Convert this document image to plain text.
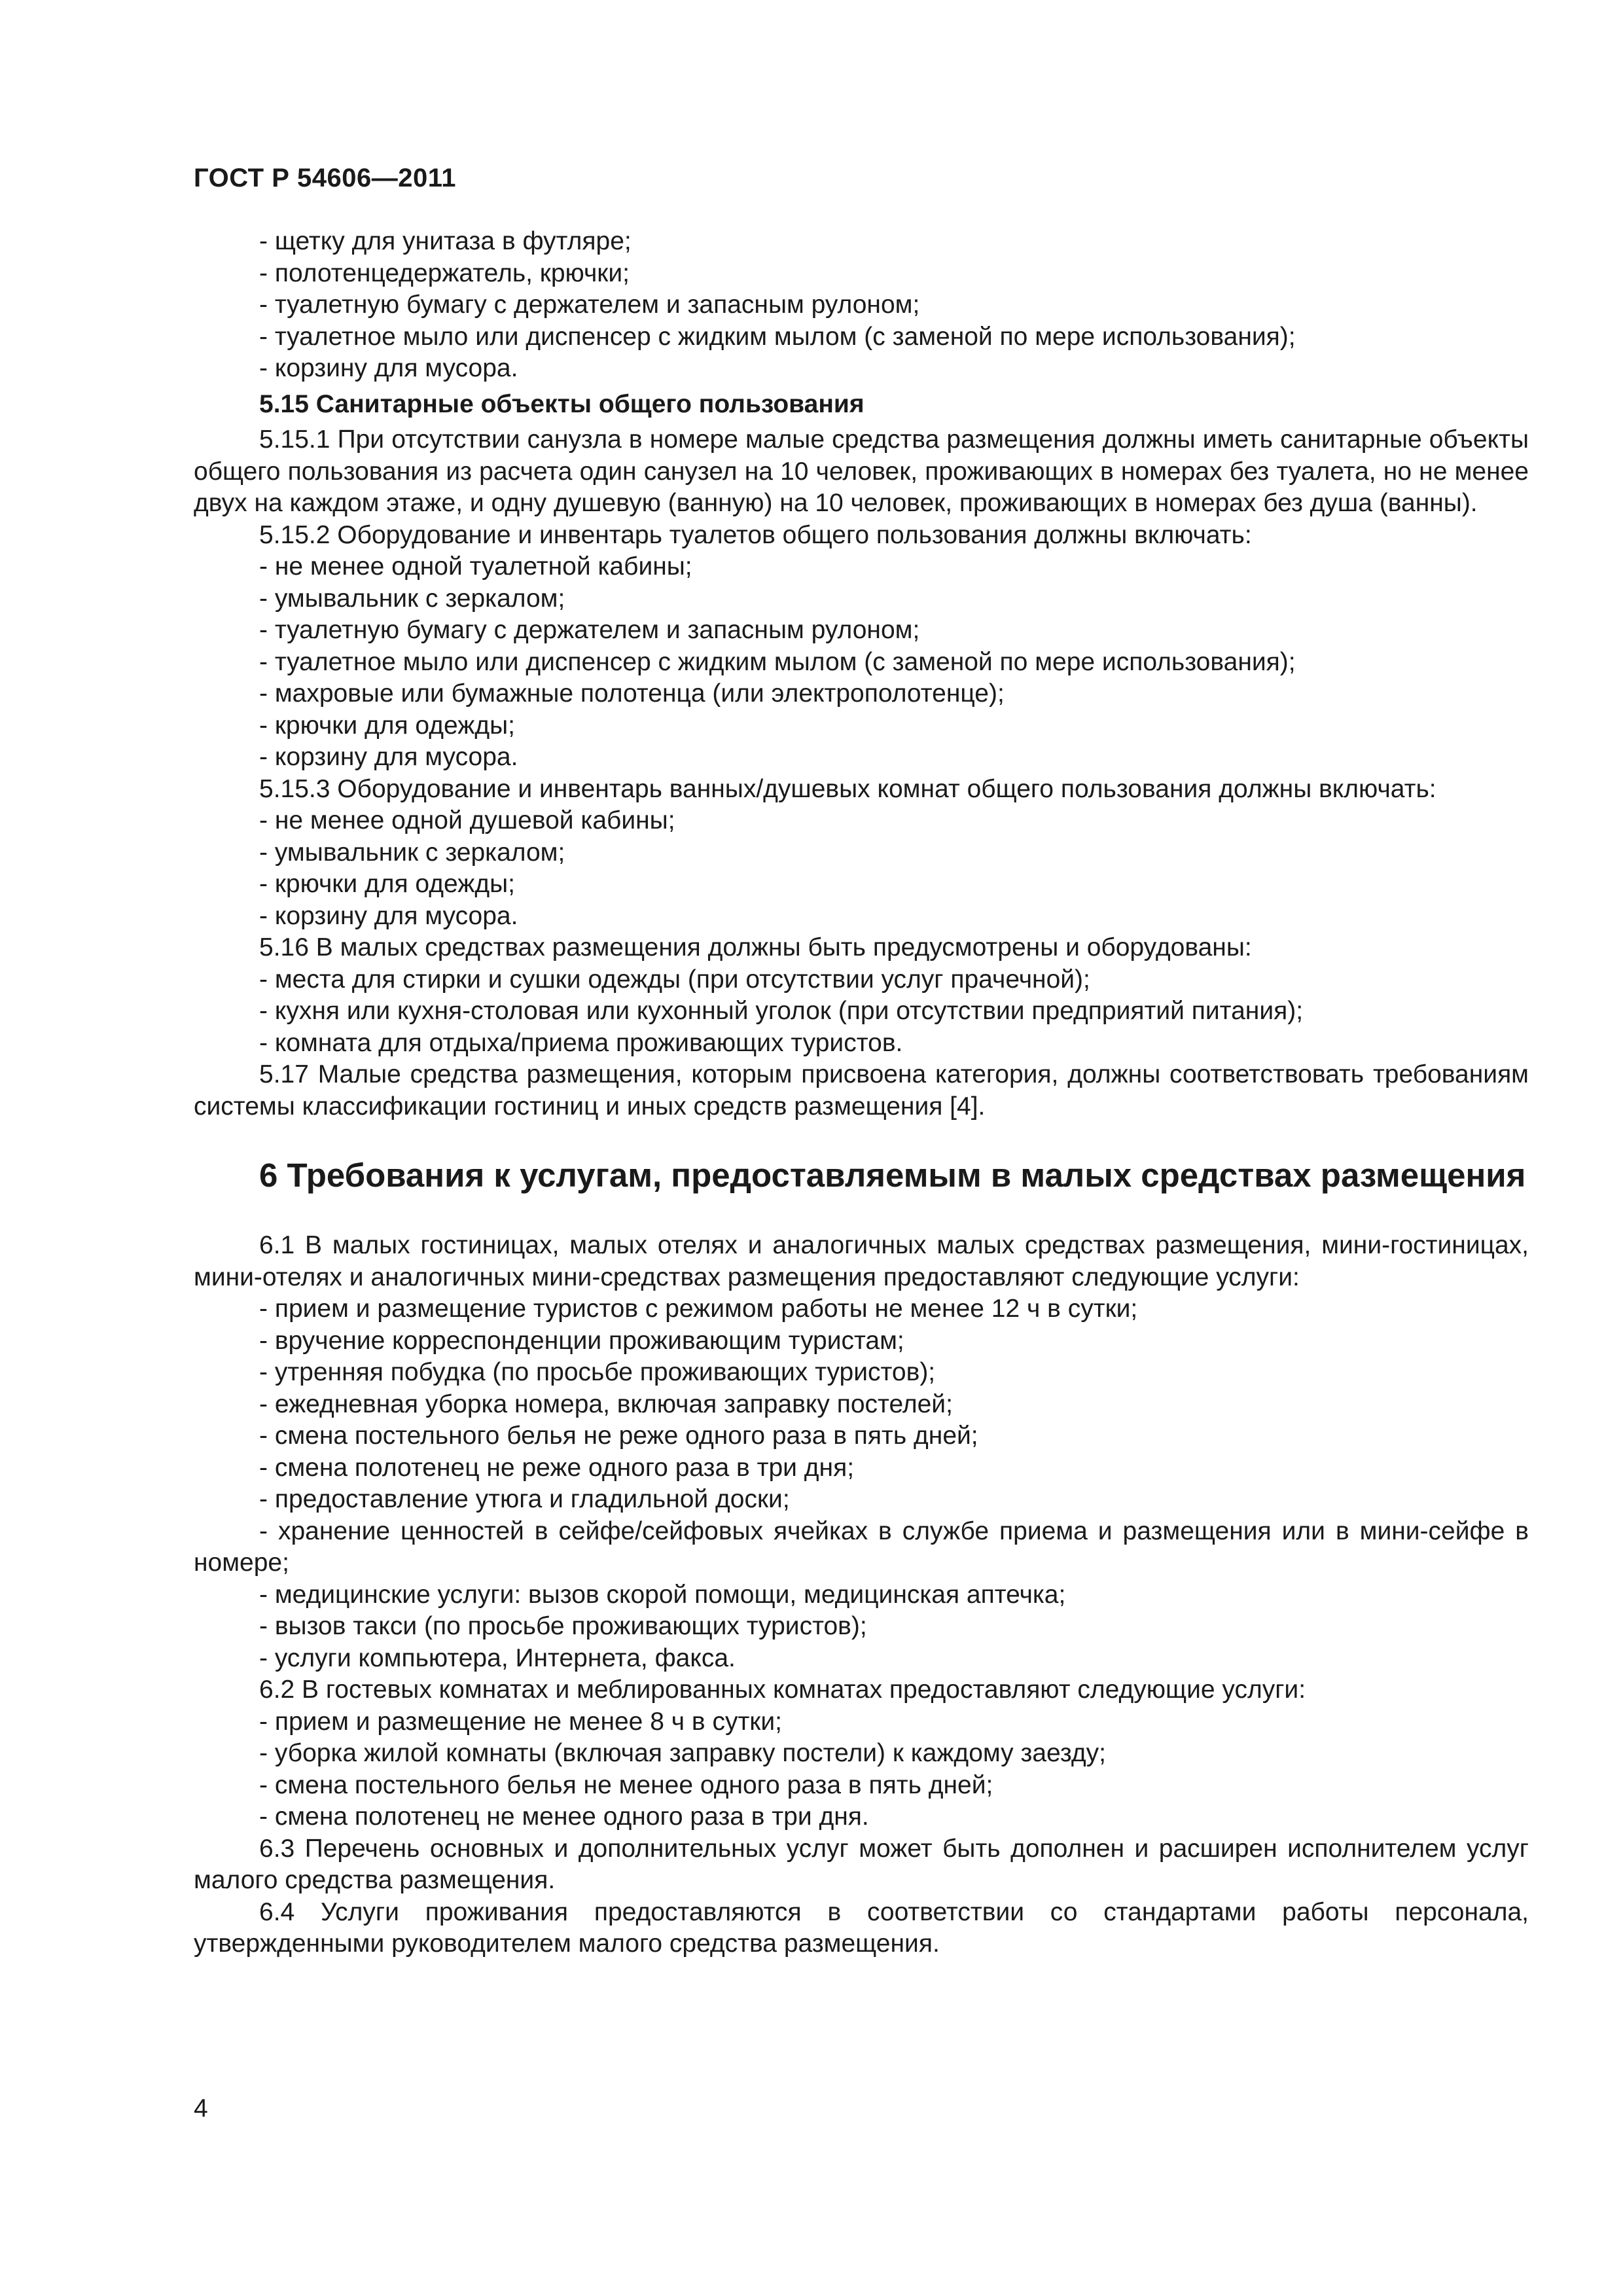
ГОСТ Р 54606—2011
- щетку для унитаза в футляре;
- полотенцедержатель, крючки;
- туалетную бумагу с держателем и запасным рулоном;
- туалетное мыло или диспенсер с жидким мылом (с заменой по мере использования);
- корзину для мусора.
5.15 Санитарные объекты общего пользования
5.15.1 При отсутствии санузла в номере малые средства размещения должны иметь санитарные объекты общего пользования из расчета один санузел на 10 человек, проживающих в номерах без туалета, но не менее двух на каждом этаже, и одну душевую (ванную) на 10 человек, проживающих в номерах без душа (ванны).
5.15.2 Оборудование и инвентарь туалетов общего пользования должны включать:
- не менее одной туалетной кабины;
- умывальник с зеркалом;
- туалетную бумагу с держателем и запасным рулоном;
- туалетное мыло или диспенсер с жидким мылом (с заменой по мере использования);
- махровые или бумажные полотенца (или электрополотенце);
- крючки для одежды;
- корзину для мусора.
5.15.3 Оборудование и инвентарь ванных/душевых комнат общего пользования должны включать:
- не менее одной душевой кабины;
- умывальник с зеркалом;
- крючки для одежды;
- корзину для мусора.
5.16 В малых средствах размещения должны быть предусмотрены и оборудованы:
- места для стирки и сушки одежды (при отсутствии услуг прачечной);
- кухня или кухня-столовая или кухонный уголок (при отсутствии предприятий питания);
- комната для отдыха/приема проживающих туристов.
5.17 Малые средства размещения, которым присвоена категория, должны соответствовать требованиям системы классификации гостиниц и иных средств размещения [4].
6 Требования к услугам, предоставляемым в малых средствах размещения
6.1 В малых гостиницах, малых отелях и аналогичных малых средствах размещения, мини-гостиницах, мини-отелях и аналогичных мини-средствах размещения предоставляют следующие услуги:
- прием и размещение туристов с режимом работы не менее 12 ч в сутки;
- вручение корреспонденции проживающим туристам;
- утренняя побудка (по просьбе проживающих туристов);
- ежедневная уборка номера, включая заправку постелей;
- смена постельного белья не реже одного раза в пять дней;
- смена полотенец не реже одного раза в три дня;
- предоставление утюга и гладильной доски;
- хранение ценностей в сейфе/сейфовых ячейках в службе приема и размещения или в мини-сейфе в номере;
- медицинские услуги: вызов скорой помощи, медицинская аптечка;
- вызов такси (по просьбе проживающих туристов);
- услуги компьютера, Интернета, факса.
6.2 В гостевых комнатах и меблированных комнатах предоставляют следующие услуги:
- прием и размещение не менее 8 ч в сутки;
- уборка жилой комнаты (включая заправку постели) к каждому заезду;
- смена постельного белья не менее одного раза в пять дней;
- смена полотенец не менее одного раза в три дня.
6.3 Перечень основных и дополнительных услуг может быть дополнен и расширен исполнителем услуг малого средства размещения.
6.4 Услуги проживания предоставляются в соответствии со стандартами работы персонала, утвержденными руководителем малого средства размещения.
4
